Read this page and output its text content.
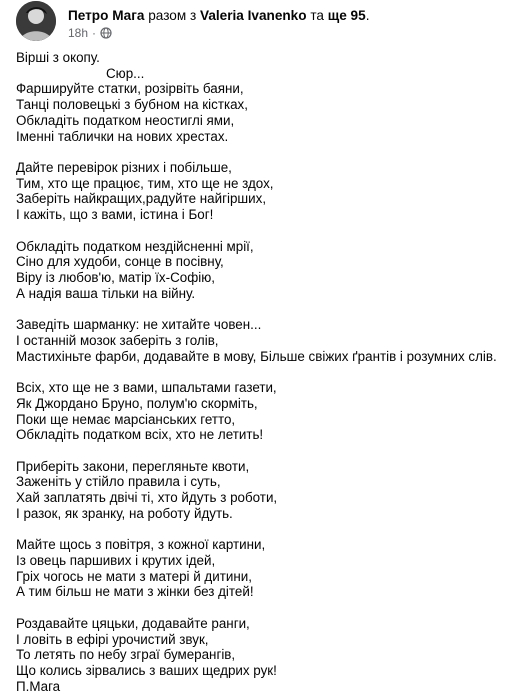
Петро Мага разом з Valeria Ivanenko та ще 95.
18h ·

Вірші з окопу.
Сюр...
Фаршируйте статки, розірвіть баяни,
Танці половецькі з бубном на кістках,
Обкладіть податком неостиглі ями,
Іменні таблички на нових хрестах.

Дайте перевірок різних і побільше,
Тим, хто ще працює, тим, хто ще не здох,
Заберіть найкращих,радуйте найгірших,
І кажіть, що з вами, істина і Бог!

Обкладіть податком нездійсненні мрії,
Сіно для худоби, сонце в посівну,
Віру із любов'ю, матір їх-Софію,
А надія ваша тільки на війну.

Заведіть шарманку: не хитайте човен...
І останній мозок заберіть з голів,
Мастихіньте фарби, додавайте в мову, Більше свіжих ґрантів і розумних слів.

Всіх, хто ще не з вами, шпальтами газети,
Як Джордано Бруно, полум'ю скорміть,
Поки ще немає марсіанських гетто,
Обкладіть податком всіх, хто не летить!

Приберіть закони, перегляньте квоти,
Заженіть у стійло правила і суть,
Хай заплатять двічі ті, хто йдуть з роботи,
І разок, як зранку, на роботу йдуть.

Майте щось з повітря, з кожної картини,
Із овець паршивих і крутих ідей,
Гріх чогось не мати з матері й дитини,
А тим більш не мати з жінки без дітей!

Роздавайте цяцьки, додавайте ранги,
І ловіть в ефірі урочистий звук,
То летять по небу зграї бумерангів,
Що колись зірвались з ваших щедрих рук!
П.Мага
